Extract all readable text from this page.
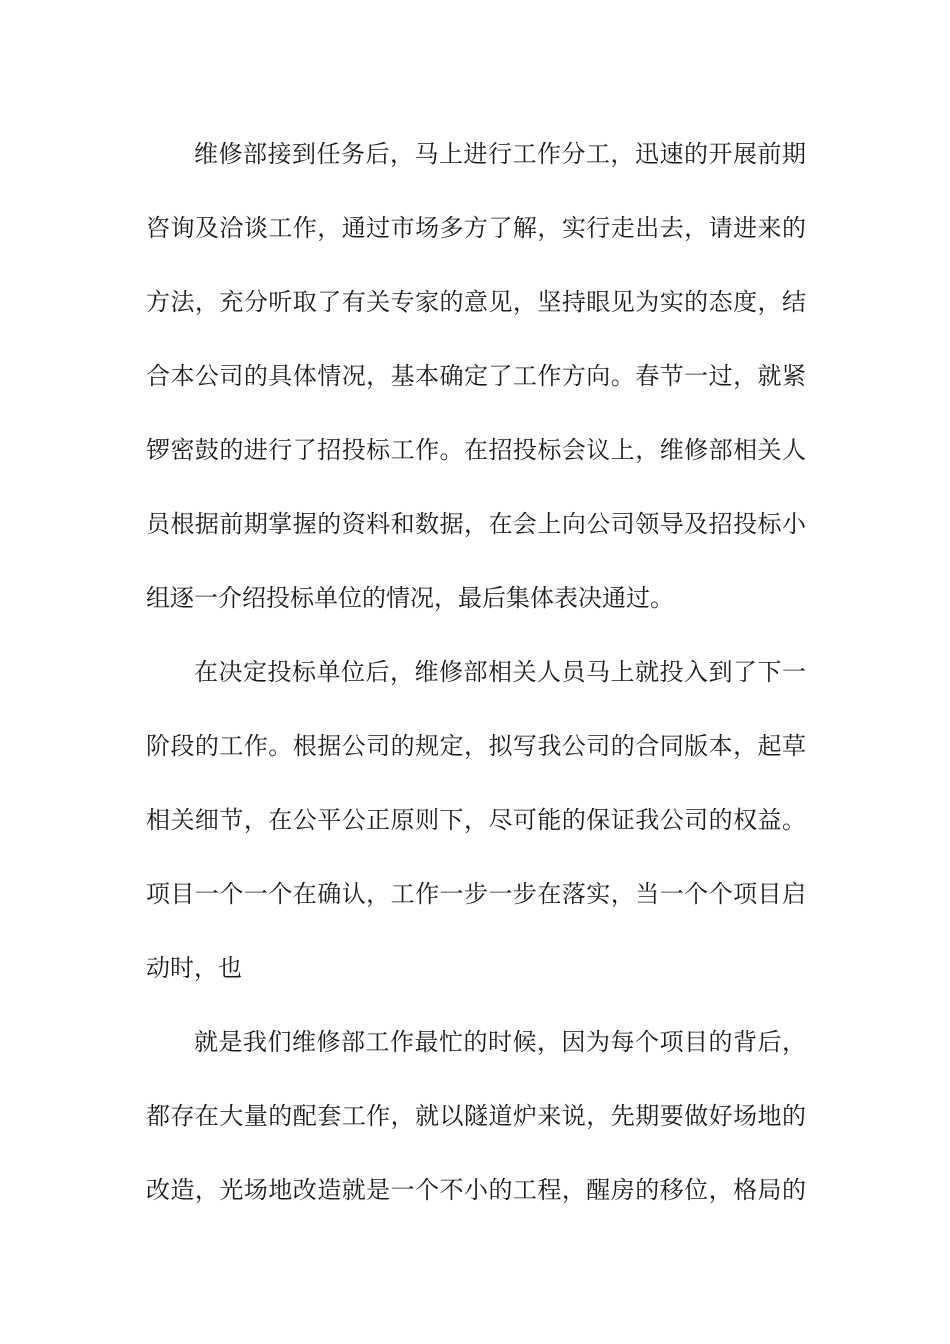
维修部接到任务后，马上进行工作分工，迅速的开展前期
咨询及洽谈工作，通过市场多方了解，实行走出去，请进来的
方法，充分听取了有关专家的意见，坚持眼见为实的态度，结
合本公司的具体情况，基本确定了工作方向。春节一过，就紧
锣密鼓的进行了招投标工作。在招投标会议上，维修部相关人
员根据前期掌握的资料和数据，在会上向公司领导及招投标小
组逐一介绍投标单位的情况，最后集体表决通过。
在决定投标单位后，维修部相关人员马上就投入到了下一
阶段的工作。根据公司的规定，拟写我公司的合同版本，起草
相关细节，在公平公正原则下，尽可能的保证我公司的权益。
项目一个一个在确认，工作一步一步在落实，当一个个项目启
动时，也
就是我们维修部工作最忙的时候，因为每个项目的背后，
都存在大量的配套工作，就以隧道炉来说，先期要做好场地的
改造，光场地改造就是一个不小的工程，醒房的移位，格局的
